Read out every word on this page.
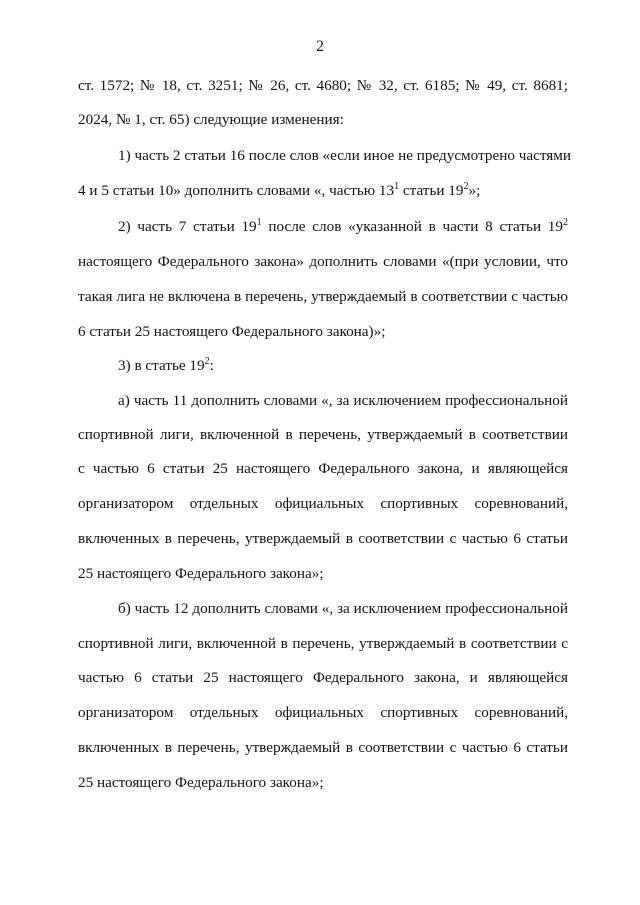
2
ст. 1572; № 18, ст. 3251; № 26, ст. 4680; № 32, ст. 6185; № 49, ст. 8681;
2024, № 1, ст. 65) следующие изменения:
1) часть 2 статьи 16 после слов «если иное не предусмотрено частями
4 и 5 статьи 10» дополнить словами «, частью $13^1$ статьи $19^2$»;
2) часть 7 статьи $19^1$ после слов «указанной в части 8 статьи $19^2$
настоящего Федерального закона» дополнить словами «(при условии, что
такая лига не включена в перечень, утверждаемый в соответствии с частью
6 статьи 25 настоящего Федерального закона)»;
3) в статье $19^2$:
а) часть 11 дополнить словами «, за исключением профессиональной
спортивной лиги, включенной в перечень, утверждаемый в соответствии
с частью 6 статьи 25 настоящего Федерального закона, и являющейся
организатором отдельных официальных спортивных соревнований,
включенных в перечень, утверждаемый в соответствии с частью 6 статьи
25 настоящего Федерального закона»;
б) часть 12 дополнить словами «, за исключением профессиональной
спортивной лиги, включенной в перечень, утверждаемый в соответствии с
частью 6 статьи 25 настоящего Федерального закона, и являющейся
организатором отдельных официальных спортивных соревнований,
включенных в перечень, утверждаемый в соответствии с частью 6 статьи
25 настоящего Федерального закона»;
